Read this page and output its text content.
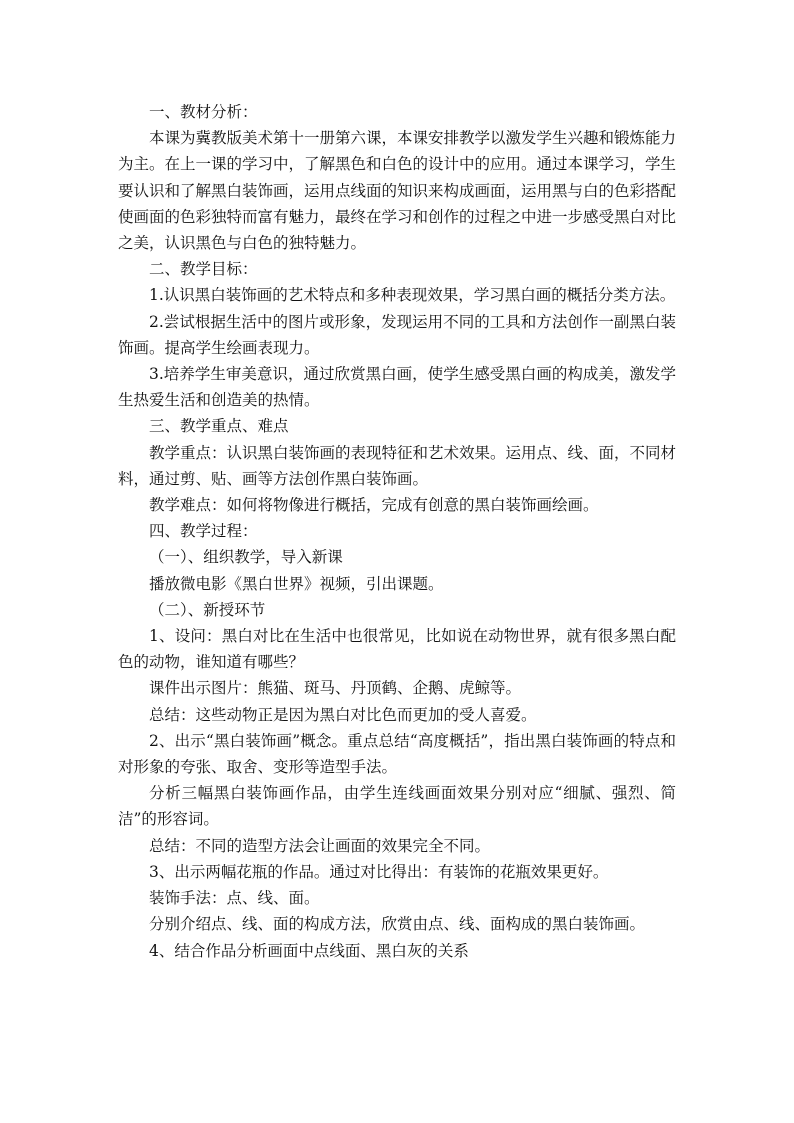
一、教材分析：

本课为冀教版美术第十一册第六课，本课安排教学以激发学生兴趣和锻炼能力为主。在上一课的学习中，了解黑色和白色的设计中的应用。通过本课学习，学生要认识和了解黑白装饰画，运用点线面的知识来构成画面，运用黑与白的色彩搭配使画面的色彩独特而富有魅力，最终在学习和创作的过程之中进一步感受黑白对比之美，认识黑色与白色的独特魅力。

二、教学目标：

1.认识黑白装饰画的艺术特点和多种表现效果，学习黑白画的概括分类方法。

2.尝试根据生活中的图片或形象，发现运用不同的工具和方法创作一副黑白装饰画。提高学生绘画表现力。

3.培养学生审美意识，通过欣赏黑白画，使学生感受黑白画的构成美，激发学生热爱生活和创造美的热情。

三、教学重点、难点

教学重点：认识黑白装饰画的表现特征和艺术效果。运用点、线、面，不同材料，通过剪、贴、画等方法创作黑白装饰画。

教学难点：如何将物像进行概括，完成有创意的黑白装饰画绘画。

四、教学过程：

（一）、组织教学，导入新课

播放微电影《黑白世界》视频，引出课题。

（二）、新授环节

1、设问：黑白对比在生活中也很常见，比如说在动物世界，就有很多黑白配色的动物，谁知道有哪些？

课件出示图片：熊猫、斑马、丹顶鹤、企鹅、虎鲸等。

总结：这些动物正是因为黑白对比色而更加的受人喜爱。

2、出示“黑白装饰画”概念。重点总结“高度概括”，指出黑白装饰画的特点和对形象的夸张、取舍、变形等造型手法。

分析三幅黑白装饰画作品，由学生连线画面效果分别对应“细腻、强烈、简洁”的形容词。

总结：不同的造型方法会让画面的效果完全不同。

3、出示两幅花瓶的作品。通过对比得出：有装饰的花瓶效果更好。

装饰手法：点、线、面。

分别介绍点、线、面的构成方法，欣赏由点、线、面构成的黑白装饰画。

4、结合作品分析画面中点线面、黑白灰的关系
